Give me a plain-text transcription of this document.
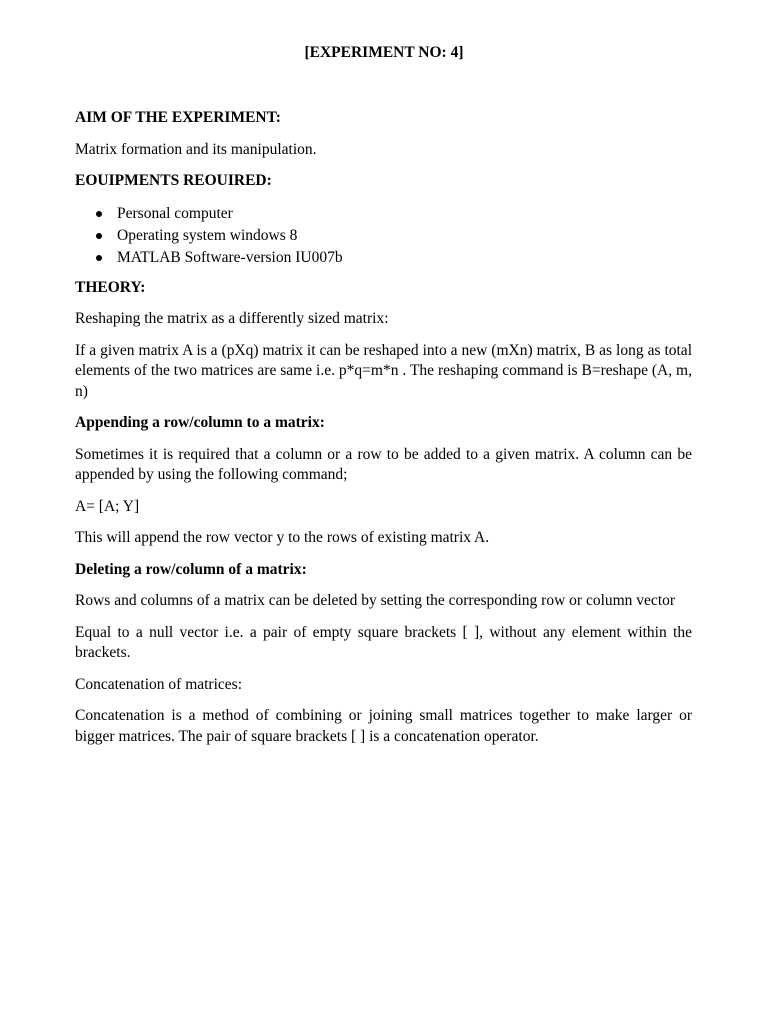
[EXPERIMENT NO: 4]
AIM OF THE EXPERIMENT:
Matrix formation and its manipulation.
EOUIPMENTS REOUIRED:
Personal computer
Operating system windows 8
MATLAB Software-version IU007b
THEORY:
Reshaping the matrix as a differently sized matrix:
If a given matrix A is a (pXq) matrix it can be reshaped into a new (mXn) matrix, B as long as total elements of the two matrices are same i.e. p*q=m*n . The reshaping command is B=reshape (A, m, n)
Appending a row/column to a matrix:
Sometimes it is required that a column or a row to be added to a given matrix. A column can be appended by using the following command;
A= [A; Y]
This will append the row vector y to the rows of existing matrix A.
Deleting a row/column of a matrix:
Rows and columns of a matrix can be deleted by setting the corresponding row or column vector
Equal to a null vector i.e. a pair of empty square brackets [ ], without any element within the brackets.
Concatenation of matrices:
Concatenation is a method of combining or joining small matrices together to make larger or bigger matrices. The pair of square brackets [ ] is a concatenation operator.
